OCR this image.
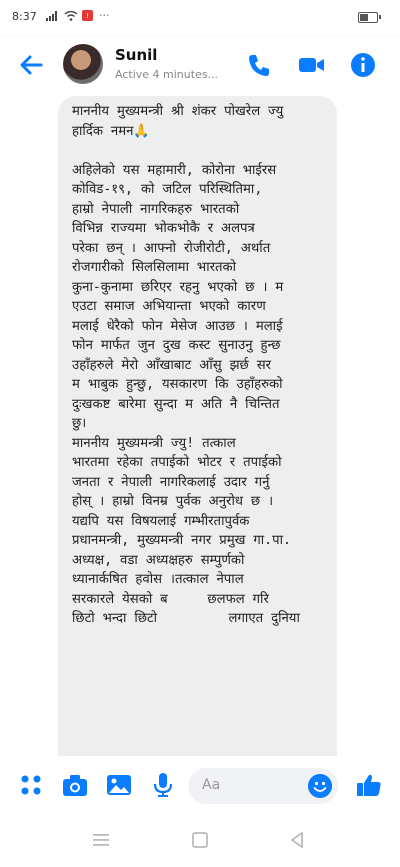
8:37	! ···
Sunil
Active 4 minutes...
माननीय मुख्यमन्त्री श्री शंकर पोखरेल ज्यु
हार्दिक नमन🙏

अहिलेको यस महामारी, कोरोना भाईरस
कोविड-१९, को जटिल परिस्थितिमा,
हाम्रो नेपाली नागरिकहरु भारतको
विभिन्न राज्यमा भोकभोकै र अलपत्र
परेका छन् । आफ्नो रोजीरोटी, अर्थात
रोजगारीको सिलसिलामा भारतको
कुना-कुनामा छरिएर रहनु भएको छ । म
एउटा समाज अभियान्ता भएको कारण
मलाई धेरैको फोन मेसेज आउछ । मलाई
फोन मार्फत जुन दुख कस्ट सुनाउनु हुन्छ
उहाँहरुले मेरो आँखाबाट आँसु झर्छ सर
म भाबुक हुन्छु, यसकारण कि उहाँहरुको
दुःखकष्ट बारेमा सुन्दा म अति नै चिन्तित
छु।
माननीय मुख्यमन्त्री ज्यु! तत्काल
भारतमा रहेका तपाईको भोटर र तपाईको
जनता र नेपाली नागरिकलाई उदार गर्नु
होस् । हाम्रो विनम्र पुर्वक अनुरोध छ ।
यद्यपि यस विषयलाई गम्भीरतापुर्वक
प्रधानमन्त्री, मुख्यमन्त्री नगर प्रमुख गा.पा.
अध्यक्ष, वडा अध्यक्षहरु सम्पुर्णको
ध्यानार्कषित हवोस ।तत्काल नेपाल
सरकारले येसको ब     छलफल गरि
छिटो भन्दा छिटो         लगाएत दुनिया
Aa
